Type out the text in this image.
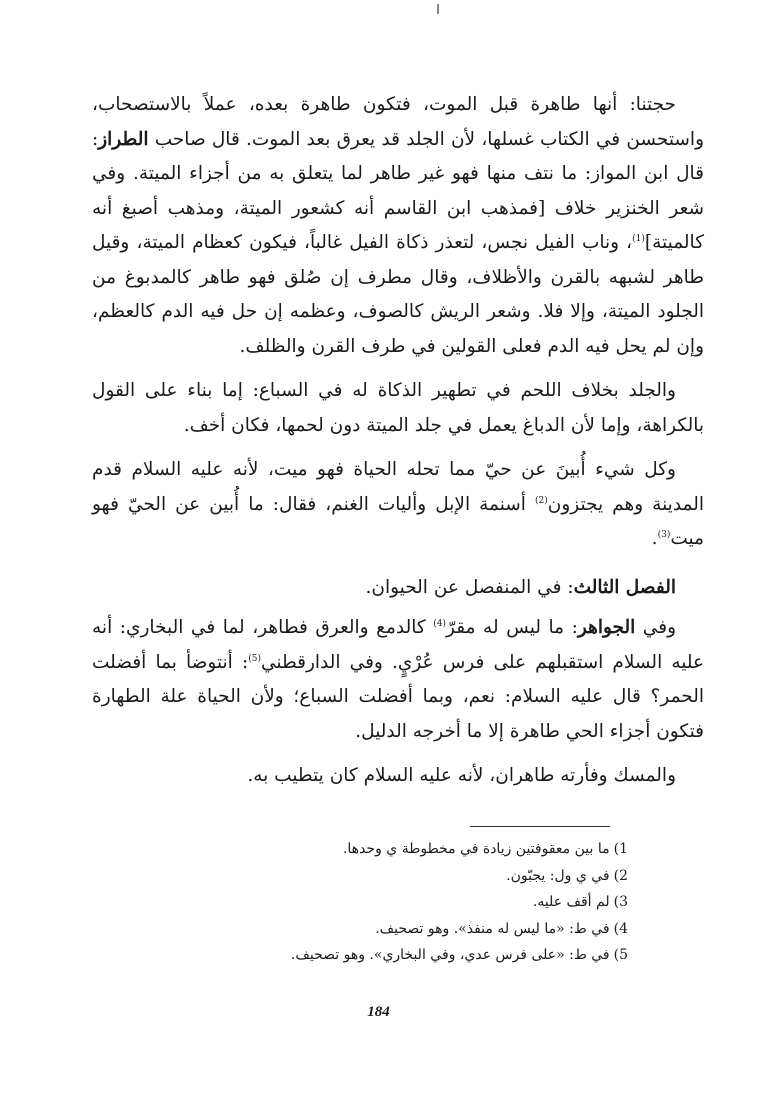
حجتنا: أنها طاهرة قبل الموت، فتكون طاهرة بعده، عملاً بالاستصحاب، واستحسن في الكتاب غسلها، لأن الجلد قد يعرق بعد الموت. قال صاحب الطراز: قال ابن المواز: ما نتف منها فهو غير طاهر لما يتعلق به من أجزاء الميتة. وفي شعر الخنزير خلاف [فمذهب ابن القاسم أنه كشعور الميتة، ومذهب أصبغ أنه كالميتة]$^{(1)}$، وناب الفيل نجس، لتعذر ذكاة الفيل غالباً، فيكون كعظام الميتة، وقيل طاهر لشبهه بالقرن والأظلاف، وقال مطرف إن صُلق فهو طاهر كالمدبوغ من الجلود الميتة، وإلا فلا. وشعر الريش كالصوف، وعظمه إن حل فيه الدم كالعظم، وإن لم يحل فيه الدم فعلى القولين في طرف القرن والظلف.

والجلد بخلاف اللحم في تطهير الذكاة له في السباع: إما بناء على القول بالكراهة، وإما لأن الدباغ يعمل في جلد الميتة دون لحمها، فكان أخف.

وكل شيء أُبينَ عن حيّ مما تحله الحياة فهو ميت، لأنه عليه السلام قدم المدينة وهم يجتزون$^{(2)}$ أسنمة الإبل وأليات الغنم، فقال: ما أُبين عن الحيّ فهو ميت$^{(3)}$.

الفصل الثالث: في المنفصل عن الحيوان.

وفي الجواهر: ما ليس له مقرّ$^{(4)}$ كالدمع والعرق فطاهر، لما في البخاري: أنه عليه السلام استقبلهم على فرس عُرْيٍ. وفي الدارقطني$^{(5)}$: أنتوضأ بما أفضلت الحمر؟ قال عليه السلام: نعم، وبما أفضلت السباع؛ ولأن الحياة علة الطهارة فتكون أجزاء الحي طاهرة إلا ما أخرجه الدليل.

والمسك وفأرته طاهران، لأنه عليه السلام كان يتطيب به.

1)ما بين معقوفتين زيادة في مخطوطة ي وحدها.

2)في ي ول: يجبّون.

3)لم أقف عليه.

4)في ط: «ما ليس له منفذ». وهو تصحيف.

5)في ط: «على فرس عدي، وفي البخاري». وهو تصحيف.

184
